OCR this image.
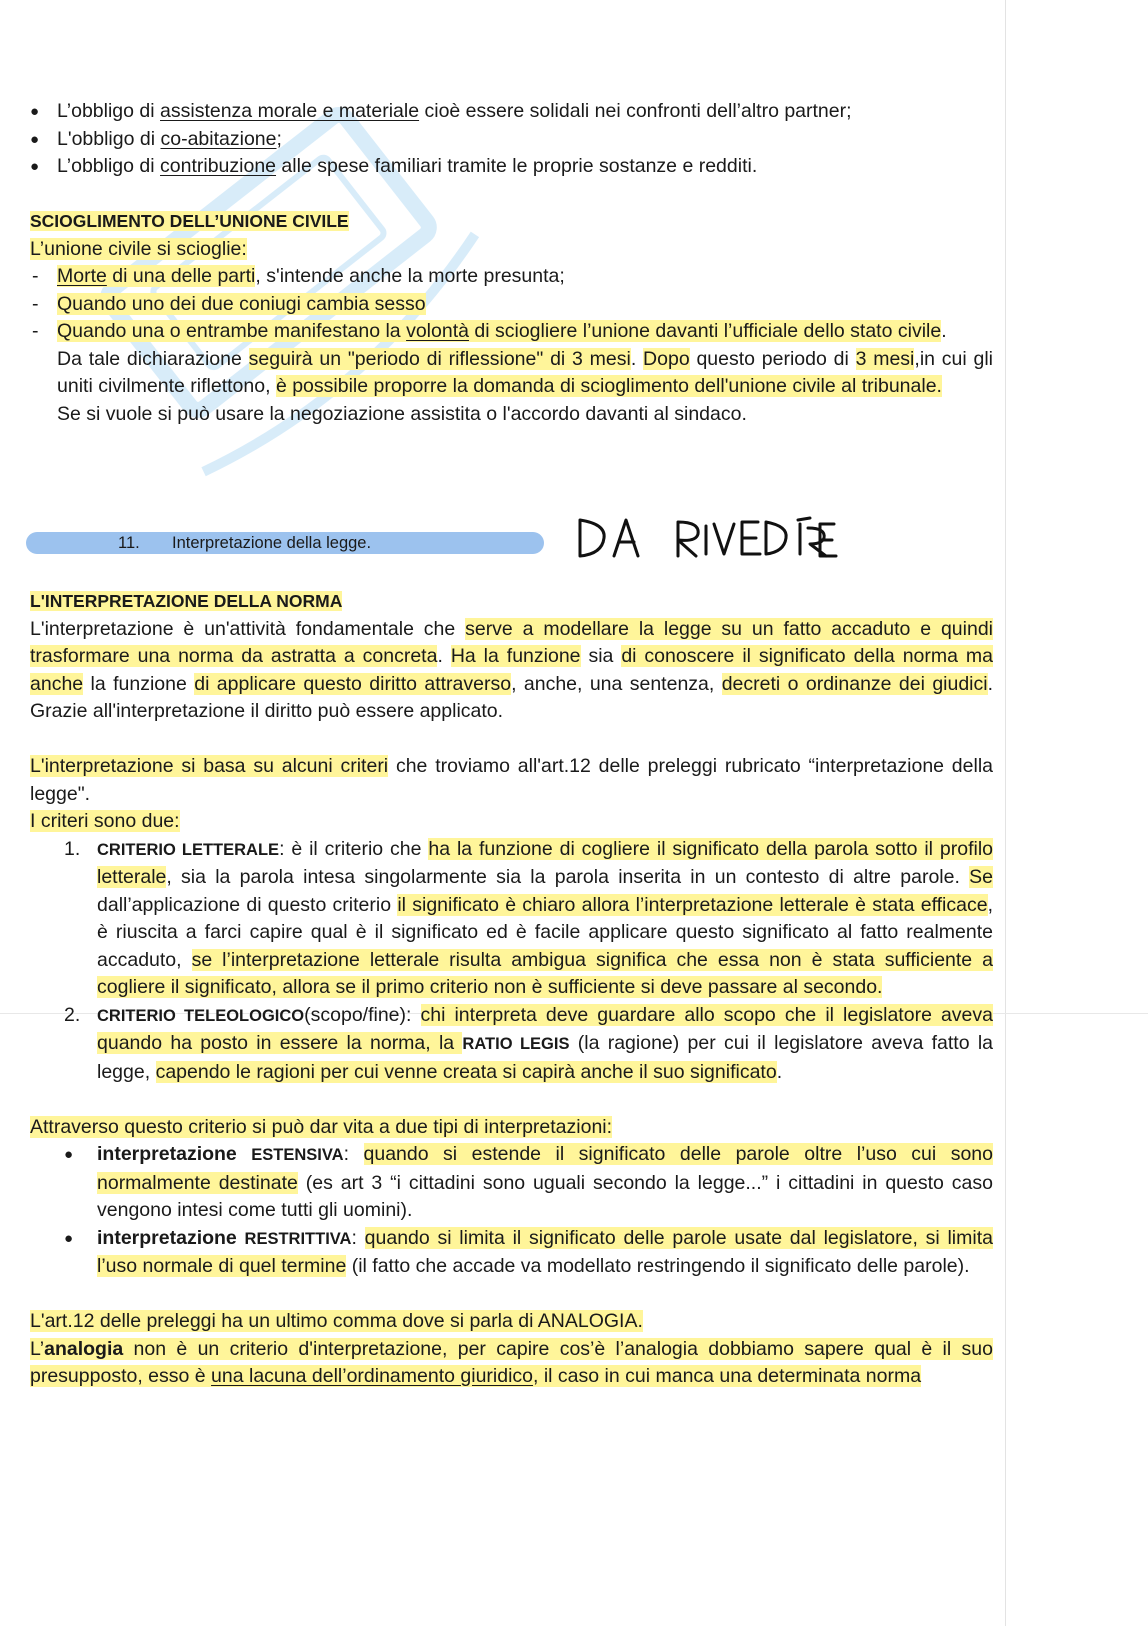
● L’obbligo di assistenza morale e materiale cioè essere solidali nei confronti dell’altro partner;
● L'obbligo di co-abitazione;
● L’obbligo di contribuzione alle spese familiari tramite le proprie sostanze e redditi.
SCIOGLIMENTO DELL’UNIONE CIVILE
L’unione civile si scioglie:
- Morte di una delle parti, s'intende anche la morte presunta;
- Quando uno dei due coniugi cambia sesso
- Quando una o entrambe manifestano la volontà di sciogliere l’unione davanti l’ufficiale dello stato civile.
Da tale dichiarazione seguirà un "periodo di riflessione" di 3 mesi. Dopo questo periodo di 3 mesi,in cui gli uniti civilmente riflettono, è possibile proporre la domanda di scioglimento dell'unione civile al tribunale.
Se si vuole si può usare la negoziazione assistita o l'accordo davanti al sindaco.
11. Interpretazione della legge.
DA RIVEDERE
L'INTERPRETAZIONE DELLA NORMA
L'interpretazione è un'attività fondamentale che serve a modellare la legge su un fatto accaduto e quindi trasformare una norma da astratta a concreta. Ha la funzione sia di conoscere il significato della norma ma anche la funzione di applicare questo diritto attraverso, anche, una sentenza, decreti o ordinanze dei giudici. Grazie all'interpretazione il diritto può essere applicato.
L'interpretazione si basa su alcuni criteri che troviamo all'art.12 delle preleggi rubricato “interpretazione della legge".
I criteri sono due:
1. CRITERIO LETTERALE: è il criterio che ha la funzione di cogliere il significato della parola sotto il profilo letterale, sia la parola intesa singolarmente sia la parola inserita in un contesto di altre parole. Se dall’applicazione di questo criterio il significato è chiaro allora l’interpretazione letterale è stata efficace, è riuscita a farci capire qual è il significato ed è facile applicare questo significato al fatto realmente accaduto, se l’interpretazione letterale risulta ambigua significa che essa non è stata sufficiente a cogliere il significato, allora se il primo criterio non è sufficiente si deve passare al secondo.
2. CRITERIO TELEOLOGICO(scopo/fine): chi interpreta deve guardare allo scopo che il legislatore aveva quando ha posto in essere la norma, la RATIO LEGIS (la ragione) per cui il legislatore aveva fatto la legge, capendo le ragioni per cui venne creata si capirà anche il suo significato.
Attraverso questo criterio si può dar vita a due tipi di interpretazioni:
● interpretazione ESTENSIVA: quando si estende il significato delle parole oltre l’uso cui sono normalmente destinate (es art 3 “i cittadini sono uguali secondo la legge...” i cittadini in questo caso vengono intesi come tutti gli uomini).
● interpretazione RESTRITTIVA: quando si limita il significato delle parole usate dal legislatore, si limita l’uso normale di quel termine (il fatto che accade va modellato restringendo il significato delle parole).
L'art.12 delle preleggi ha un ultimo comma dove si parla di ANALOGIA.
L’analogia non è un criterio d'interpretazione, per capire cos’è l’analogia dobbiamo sapere qual è il suo presupposto, esso è una lacuna dell’ordinamento giuridico, il caso in cui manca una determinata norma
